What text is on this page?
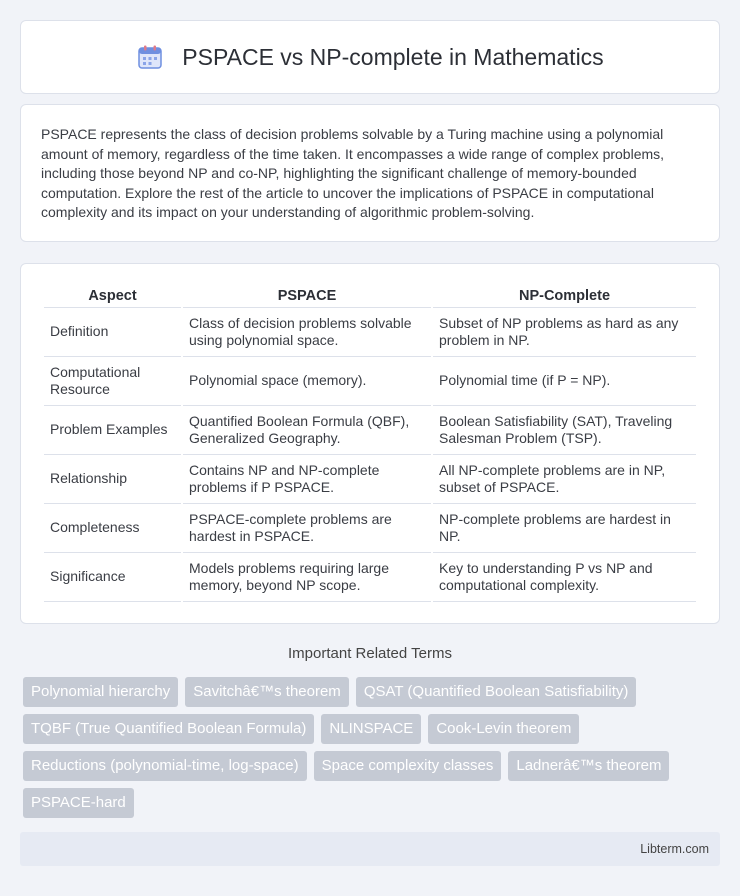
PSPACE vs NP-complete in Mathematics

PSPACE represents the class of decision problems solvable by a Turing machine using a polynomial amount of memory, regardless of the time taken. It encompasses a wide range of complex problems, including those beyond NP and co-NP, highlighting the significant challenge of memory-bounded computation. Explore the rest of the article to uncover the implications of PSPACE in computational complexity and its impact on your understanding of algorithmic problem-solving.

Aspect	PSPACE	NP-Complete
Definition	Class of decision problems solvable using polynomial space.	Subset of NP problems as hard as any problem in NP.
Computational Resource	Polynomial space (memory).	Polynomial time (if P = NP).
Problem Examples	Quantified Boolean Formula (QBF), Generalized Geography.	Boolean Satisfiability (SAT), Traveling Salesman Problem (TSP).
Relationship	Contains NP and NP-complete problems if P PSPACE.	All NP-complete problems are in NP, subset of PSPACE.
Completeness	PSPACE-complete problems are hardest in PSPACE.	NP-complete problems are hardest in NP.
Significance	Models problems requiring large memory, beyond NP scope.	Key to understanding P vs NP and computational complexity.
Important Related Terms
Polynomial hierarchy	Savitchâ€™s theorem	QSAT (Quantified Boolean Satisfiability)
TQBF (True Quantified Boolean Formula)	NLINSPACE	Cook-Levin theorem
Reductions (polynomial-time, log-space)	Space complexity classes	Ladnerâ€™s theorem
PSPACE-hard
Libterm.com
